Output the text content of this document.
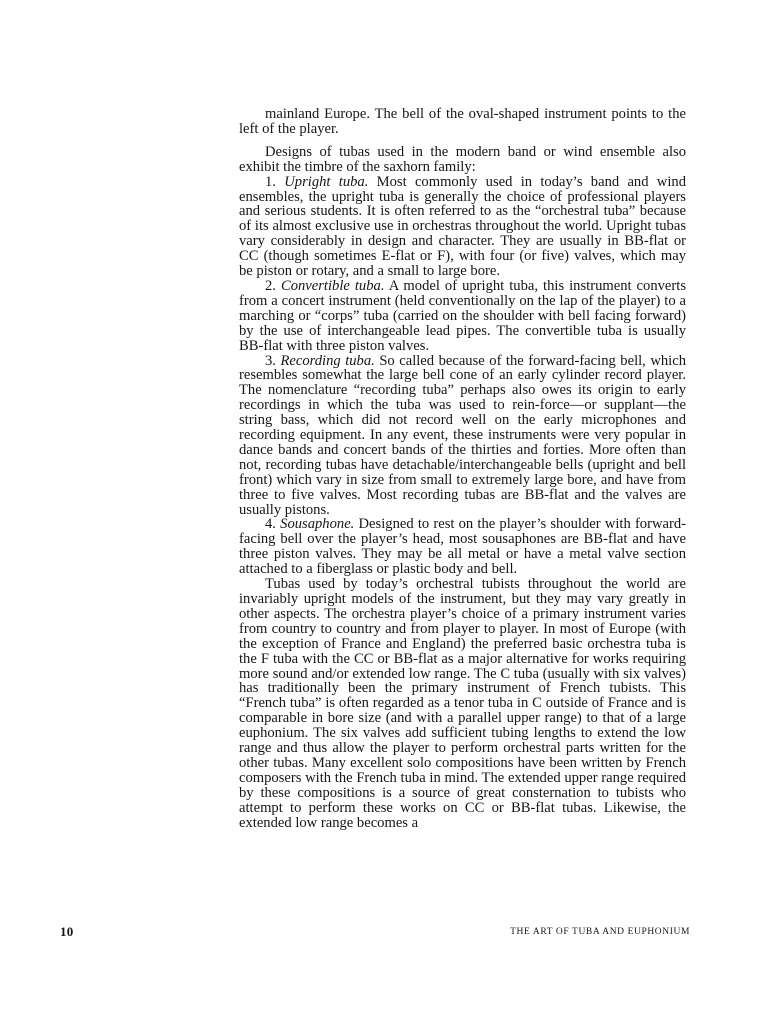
mainland Europe. The bell of the oval-shaped instrument points to the left of the player.

Designs of tubas used in the modern band or wind ensemble also exhibit the timbre of the saxhorn family:

1. Upright tuba. Most commonly used in today’s band and wind ensembles, the upright tuba is generally the choice of professional players and serious students. It is often referred to as the “orchestral tuba” because of its almost exclusive use in orchestras throughout the world. Upright tubas vary considerably in design and character. They are usually in BB-flat or CC (though sometimes E-flat or F), with four (or five) valves, which may be piston or rotary, and a small to large bore.

2. Convertible tuba. A model of upright tuba, this instrument converts from a concert instrument (held conventionally on the lap of the player) to a marching or “corps” tuba (carried on the shoulder with bell facing forward) by the use of interchangeable lead pipes. The convertible tuba is usually BB-flat with three piston valves.

3. Recording tuba. So called because of the forward-facing bell, which resembles somewhat the large bell cone of an early cylinder record player. The nomenclature “recording tuba” perhaps also owes its origin to early recordings in which the tuba was used to rein-force—or supplant—the string bass, which did not record well on the early microphones and recording equipment. In any event, these instruments were very popular in dance bands and concert bands of the thirties and forties. More often than not, recording tubas have detachable/interchangeable bells (upright and bell front) which vary in size from small to extremely large bore, and have from three to five valves. Most recording tubas are BB-flat and the valves are usually pistons.

4. Sousaphone. Designed to rest on the player’s shoulder with forward-facing bell over the player’s head, most sousaphones are BB-flat and have three piston valves. They may be all metal or have a metal valve section attached to a fiberglass or plastic body and bell.

Tubas used by today’s orchestral tubists throughout the world are invariably upright models of the instrument, but they may vary greatly in other aspects. The orchestra player’s choice of a primary instrument varies from country to country and from player to player. In most of Europe (with the exception of France and England) the preferred basic orchestra tuba is the F tuba with the CC or BB-flat as a major alternative for works requiring more sound and/or extended low range. The C tuba (usually with six valves) has traditionally been the primary instrument of French tubists. This “French tuba” is often regarded as a tenor tuba in C outside of France and is comparable in bore size (and with a parallel upper range) to that of a large euphonium. The six valves add sufficient tubing lengths to extend the low range and thus allow the player to perform orchestral parts written for the other tubas. Many excellent solo compositions have been written by French composers with the French tuba in mind. The extended upper range required by these compositions is a source of great consternation to tubists who attempt to perform these works on CC or BB-flat tubas. Likewise, the extended low range becomes a

10	THE ART OF TUBA AND EUPHONIUM
